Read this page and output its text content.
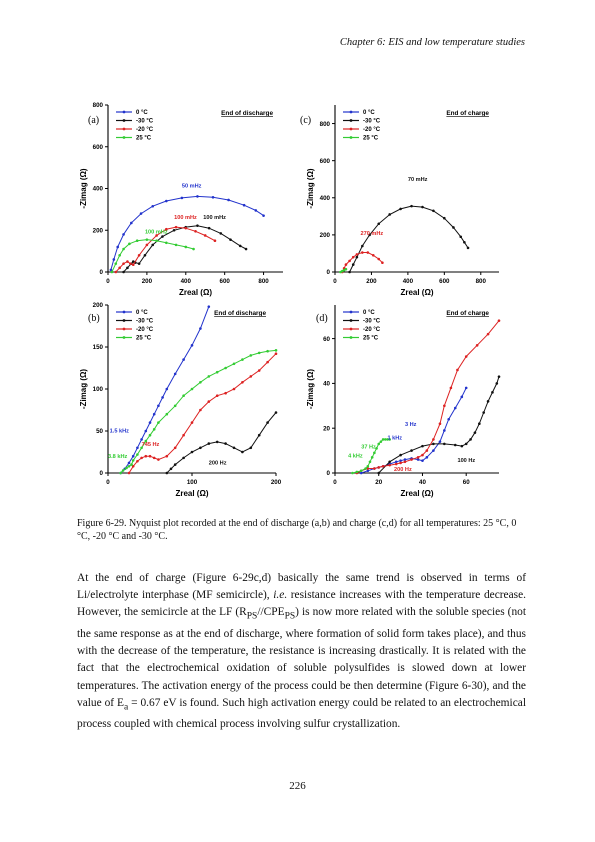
Chapter 6: EIS and low temperature studies
0	200	400	600	800
0
200
400
600
800
Zreal (Ω)
-Zimag (Ω)
(a)
End of discharge
0 °C
-30 °C
-20 °C
25 °C
50 mHz
100 mHz 100 mHz
100 mHz
0	100	200
0
50
100
150
200
Zreal (Ω)
-Zimag (Ω)
(b)	End of discharge
0 °C
-30 °C
-20 °C
25 °C
1.5 kHz
3.8 kHz
745 Hz
200 Hz
0	200	400	600	800
0
200
400
600
800
Zreal (Ω)
-Zimag (Ω)
(c)
End of charge
0 °C
-30 °C
-20 °C
25 °C
70 mHz
270 mHz
0	20	40	60
0
20
40
60
Zreal (Ω)
-Zimag (Ω)
(d)	End of charge
0 °C
-30 °C
-20 °C
25 °C
3 Hz
1 kHz
37 Hz
4 kHz
200 Hz
100 Hz
Figure 6-29. Nyquist plot recorded at the end of discharge (a,b) and charge (c,d) for all temperatures: 25 °C, 0 °C, -20 °C and -30 °C.

At the end of charge (Figure 6-29c,d) basically the same trend is observed in terms of Li/electrolyte interphase (MF semicircle), i.e. resistance increases with the temperature decrease. However, the semicircle at the LF $(R_{PS}//CPE_{PS})$ is now more related with the soluble species (not the same response as at the end of discharge, where formation of solid form takes place), and thus with the decrease of the temperature, the resistance is increasing drastically. It is related with the fact that the electrochemical oxidation of soluble polysulfides is slowed down at lower temperatures. The activation energy of the process could be then determine (Figure 6-30), and the value of $E_a = 0.67$ eV is found. Such high activation energy could be related to an electrochemical process coupled with chemical process involving sulfur crystallization.

226
